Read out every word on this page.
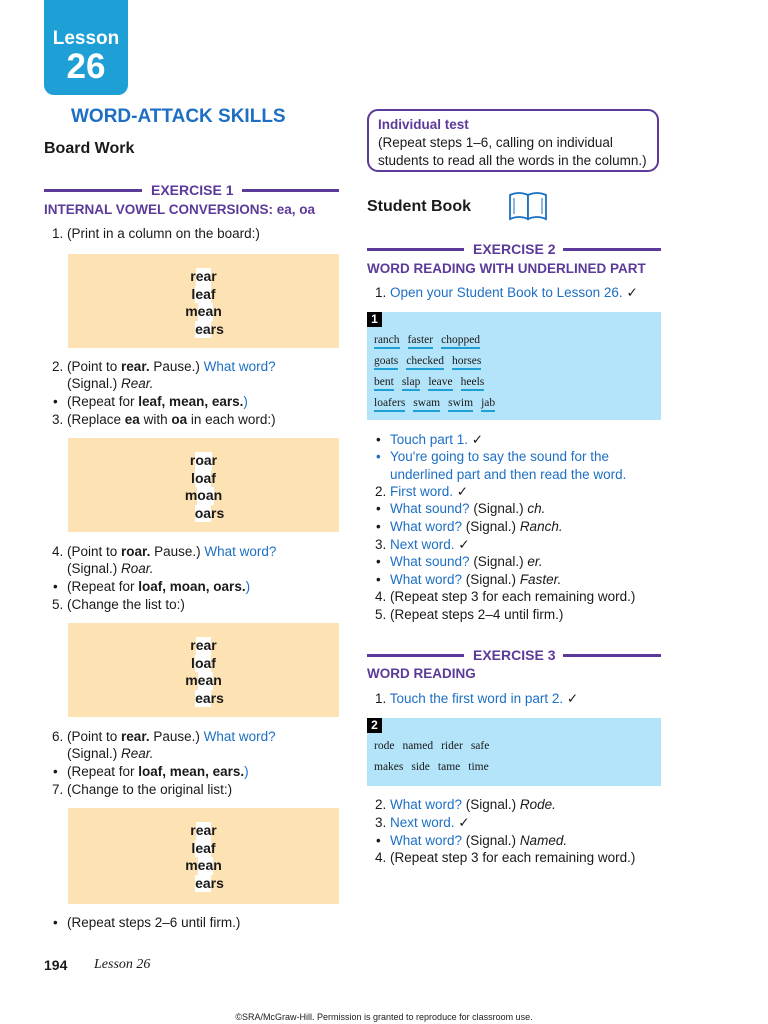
Lesson
26
WORD-ATTACK SKILLS
Board Work
EXERCISE 1
INTERNAL VOWEL CONVERSIONS: ea, oa
1. (Print in a column on the board:)
rear
leaf
mean
ears
2. (Point to rear. Pause.) What word?
(Signal.) Rear.
• (Repeat for leaf, mean, ears.)
3. (Replace ea with oa in each word:)
roar
loaf
moan
oars
4. (Point to roar. Pause.) What word?
(Signal.) Roar.
• (Repeat for loaf, moan, oars.)
5. (Change the list to:)
rear
loaf
mean
ears
6. (Point to rear. Pause.) What word?
(Signal.) Rear.
• (Repeat for loaf, mean, ears.)
7. (Change to the original list:)
rear
leaf
mean
ears
• (Repeat steps 2–6 until firm.)
Individual test
(Repeat steps 1–6, calling on individual
students to read all the words in the column.)
Student Book
EXERCISE 2
WORD READING WITH UNDERLINED PART
1. Open your Student Book to Lesson 26. ✓
1
ranch faster chopped
goats checked horses
bent slap leave heels
loafers swam swim jab
• Touch part 1. ✓
• You're going to say the sound for the
underlined part and then read the word.
2. First word. ✓
• What sound? (Signal.) ch.
• What word? (Signal.) Ranch.
3. Next word. ✓
• What sound? (Signal.) er.
• What word? (Signal.) Faster.
4. (Repeat step 3 for each remaining word.)
5. (Repeat steps 2–4 until firm.)
EXERCISE 3
WORD READING
1. Touch the first word in part 2. ✓
2
rode named rider safe
makes side tame time
2. What word? (Signal.) Rode.
3. Next word. ✓
• What word? (Signal.) Named.
4. (Repeat step 3 for each remaining word.)
194 Lesson 26
©SRA/McGraw-Hill. Permission is granted to reproduce for classroom use.
